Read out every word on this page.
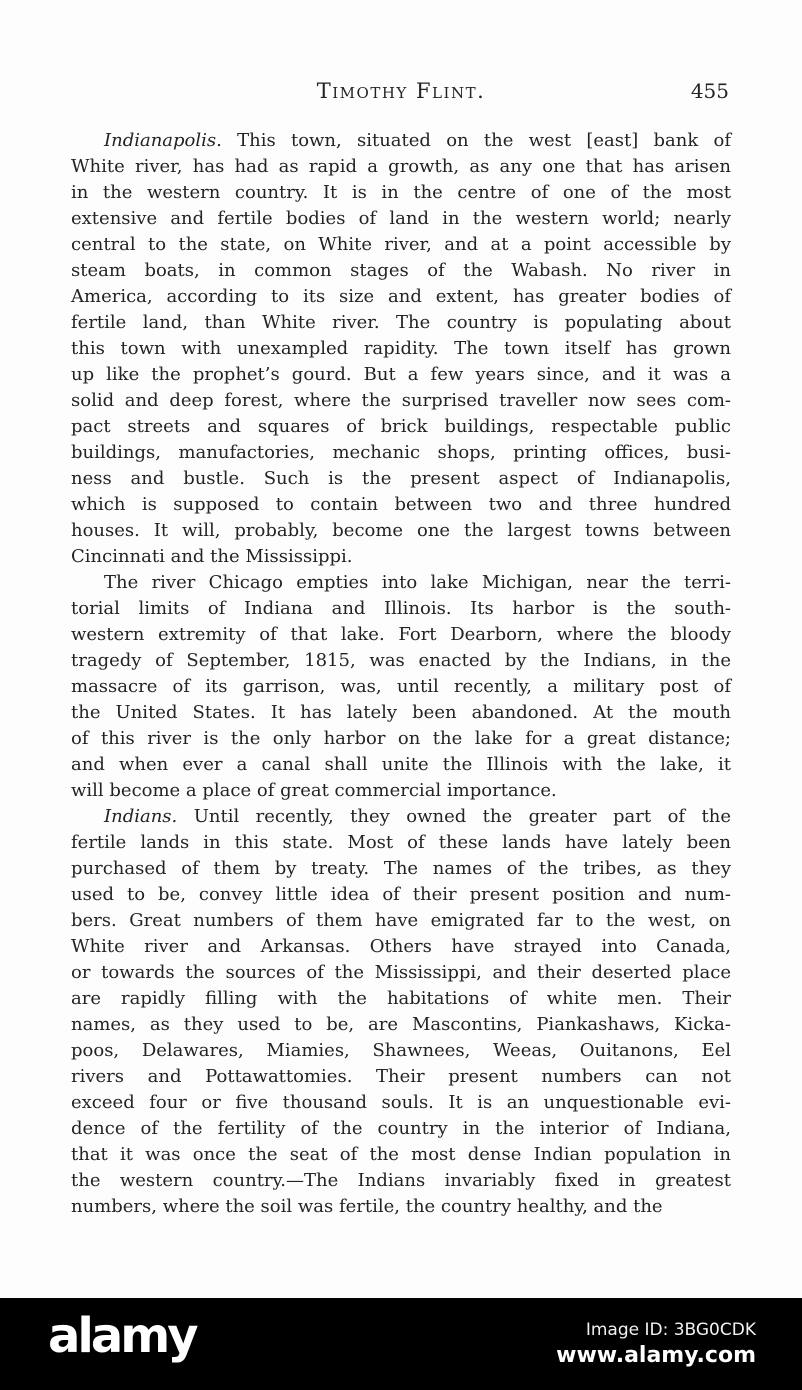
Timothy Flint.	455
Indianapolis. This town, situated on the west [east] bank of
White river, has had as rapid a growth, as any one that has arisen
in the western country. It is in the centre of one of the most
extensive and fertile bodies of land in the western world; nearly
central to the state, on White river, and at a point accessible by
steam boats, in common stages of the Wabash. No river in
America, according to its size and extent, has greater bodies of
fertile land, than White river. The country is populating about
this town with unexampled rapidity. The town itself has grown
up like the prophet’s gourd. But a few years since, and it was a
solid and deep forest, where the surprised traveller now sees com-
pact streets and squares of brick buildings, respectable public
buildings, manufactories, mechanic shops, printing offices, busi-
ness and bustle. Such is the present aspect of Indianapolis,
which is supposed to contain between two and three hundred
houses. It will, probably, become one the largest towns between
Cincinnati and the Mississippi.
The river Chicago empties into lake Michigan, near the terri-
torial limits of Indiana and Illinois. Its harbor is the south-
western extremity of that lake. Fort Dearborn, where the bloody
tragedy of September, 1815, was enacted by the Indians, in the
massacre of its garrison, was, until recently, a military post of
the United States. It has lately been abandoned. At the mouth
of this river is the only harbor on the lake for a great distance;
and when ever a canal shall unite the Illinois with the lake, it
will become a place of great commercial importance.
Indians. Until recently, they owned the greater part of the
fertile lands in this state. Most of these lands have lately been
purchased of them by treaty. The names of the tribes, as they
used to be, convey little idea of their present position and num-
bers. Great numbers of them have emigrated far to the west, on
White river and Arkansas. Others have strayed into Canada,
or towards the sources of the Mississippi, and their deserted place
are rapidly filling with the habitations of white men. Their
names, as they used to be, are Mascontins, Piankashaws, Kicka-
poos, Delawares, Miamies, Shawnees, Weeas, Ouitanons, Eel
rivers and Pottawattomies. Their present numbers can not
exceed four or five thousand souls. It is an unquestionable evi-
dence of the fertility of the country in the interior of Indiana,
that it was once the seat of the most dense Indian population in
the western country.—The Indians invariably fixed in greatest
numbers, where the soil was fertile, the country healthy, and the
alamy	Image ID: 3BG0CDK
www.alamy.com
